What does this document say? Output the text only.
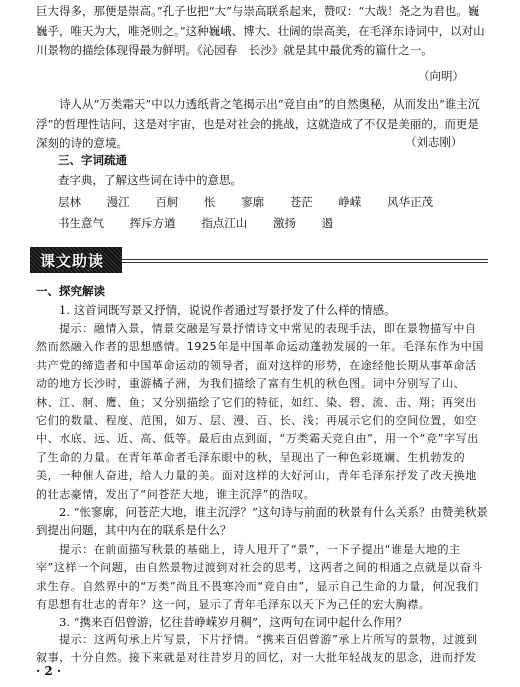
巨大得多，那便是崇高。”孔子也把“大”与崇高联系起来，赞叹：“大哉！尧之为君也。巍巍乎，唯天为大，唯尧则之。”这种巍峨、博大、壮阔的崇高美，在毛泽东诗词中，以对山川景物的描绘体现得最为鲜明。《沁园春　长沙》就是其中最优秀的篇什之一。
（向明）
诗人从“万类霜天”中以力透纸背之笔揭示出“竞自由”的自然奥秘，从而发出“谁主沉浮”的哲理性诘问，这是对宇宙，也是对社会的挑战，这就造成了不仅是美丽的，而更是深刻的诗的意境。	（刘志刚）
三、字词疏通
查字典，了解这些词在诗中的意思。
层林 漫江 百舸 怅 寥廓 苍茫 峥嵘 风华正茂
书生意气 挥斥方遒 指点江山 激扬 遏
课文助读
一、探究解读
1. 这首词既写景又抒情，说说作者通过写景抒发了什么样的情感。
提示：融情入景，情景交融是写景抒情诗文中常见的表现手法，即在景物描写中自然而然融入作者的思想感情。1925年是中国革命运动蓬勃发展的一年。毛泽东作为中国共产党的缔造者和中国革命运动的领导者，面对这样的形势，在途经他长期从事革命活动的地方长沙时，重游橘子洲，为我们描绘了富有生机的秋色图。词中分别写了山、林、江、舸、鹰、鱼；又分别描绘了它们的特征，如红、染、碧、流、击、翔；再突出它们的数量、程度、范围，如万、层、漫、百、长、浅；再展示它们的空间位置，如空中、水底、远、近、高、低等。最后由点到面，“万类霜天竞自由”，用一个“竞”字写出了生命的力量。在青年革命者毛泽东眼中的秋，呈现出了一种色彩斑斓、生机勃发的美，一种催人奋进，给人力量的美。面对这样的大好河山，青年毛泽东抒发了改天换地的壮志豪情，发出了“问苍茫大地，谁主沉浮”的浩叹。
2. “怅寥廓，问苍茫大地，谁主沉浮？”这句诗与前面的秋景有什么关系？由赞美秋景到提出问题，其中内在的联系是什么？
提示：在前面描写秋景的基础上，诗人甩开了“景”，一下子提出“谁是大地的主宰”这样一个问题，由自然景物过渡到对社会的思考，这两者之间的相通之点就是以奋斗求生存。自然界中的“万类”尚且不畏寒冷而“竞自由”，显示自己生命的力量，何况我们有思想有壮志的青年？这一问，显示了青年毛泽东以天下为己任的宏大胸襟。
3. “携来百侣曾游，忆往昔峥嵘岁月稠”，这两句在词中起什么作用？
提示：这两句承上片写景，下片抒情。“携来百侣曾游”承上片所写的景物，过渡到叙事，十分自然。接下来就是对往昔岁月的回忆，对一大批年轻战友的思念，进而抒发
· 2 ·
